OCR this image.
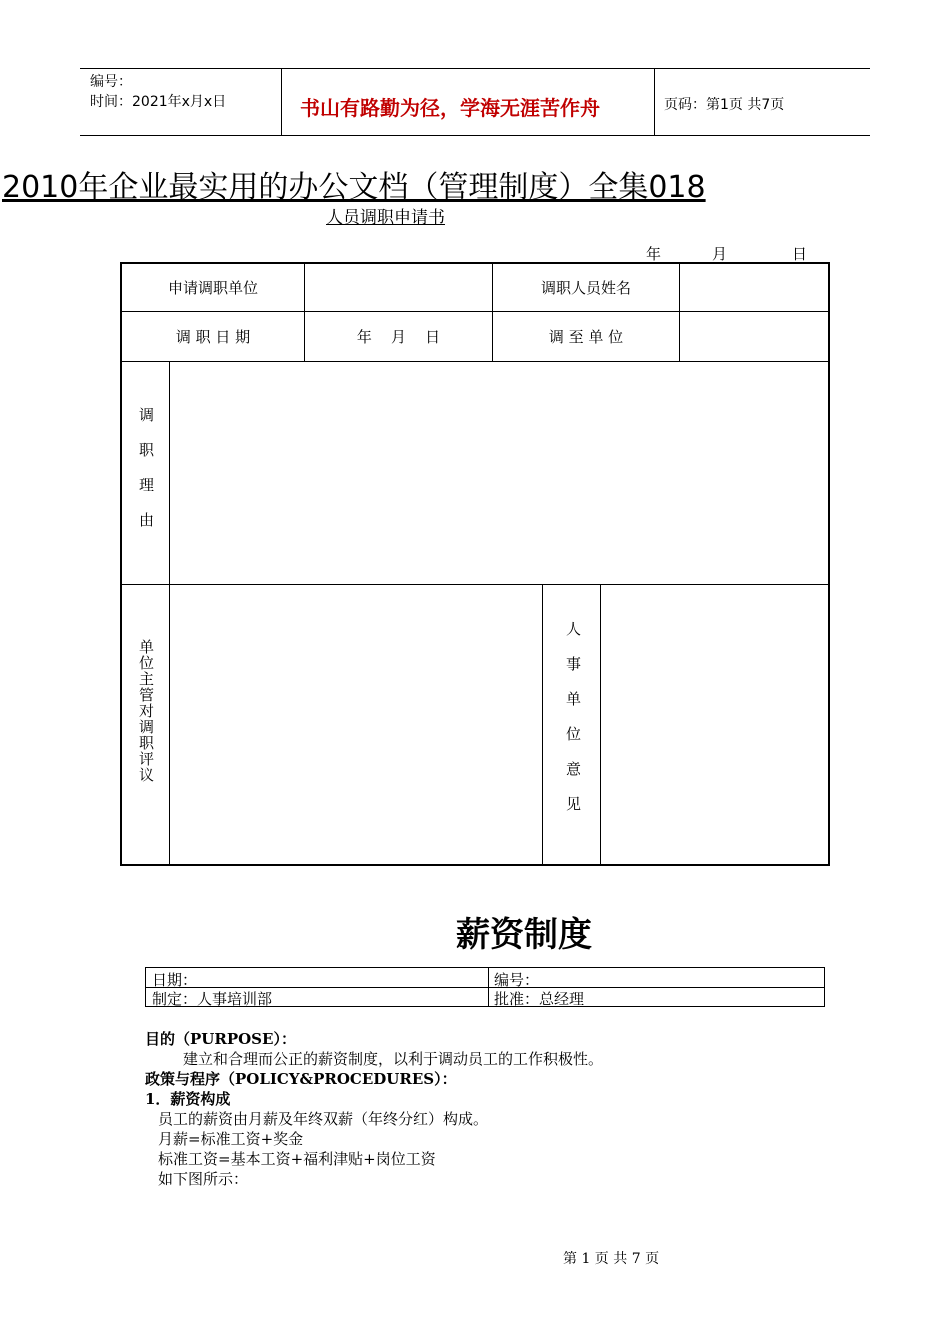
编号：
时间：2021年x月x日	书山有路勤为径，学海无涯苦作舟	页码：第1页 共7页
2010年企业最实用的办公文档（管理制度）全集018
人员调职申请书
年	月	日
申请调职单位	调职人员姓名
调 职 日 期	年    月    日	调 至 单 位
调职理由
单位主管对调职评议	人事单位意见
薪资制度
日期：	编号：
制定：人事培训部	批准：总经理
目的（PURPOSE）：
建立和合理而公正的薪资制度，以利于调动员工的工作积极性。
政策与程序（POLICY&PROCEDURES）：
1．薪资构成
员工的薪资由月薪及年终双薪（年终分红）构成。
月薪=标准工资+奖金
标准工资=基本工资+福利津贴+岗位工资
如下图所示：
第 1 页 共 7 页
